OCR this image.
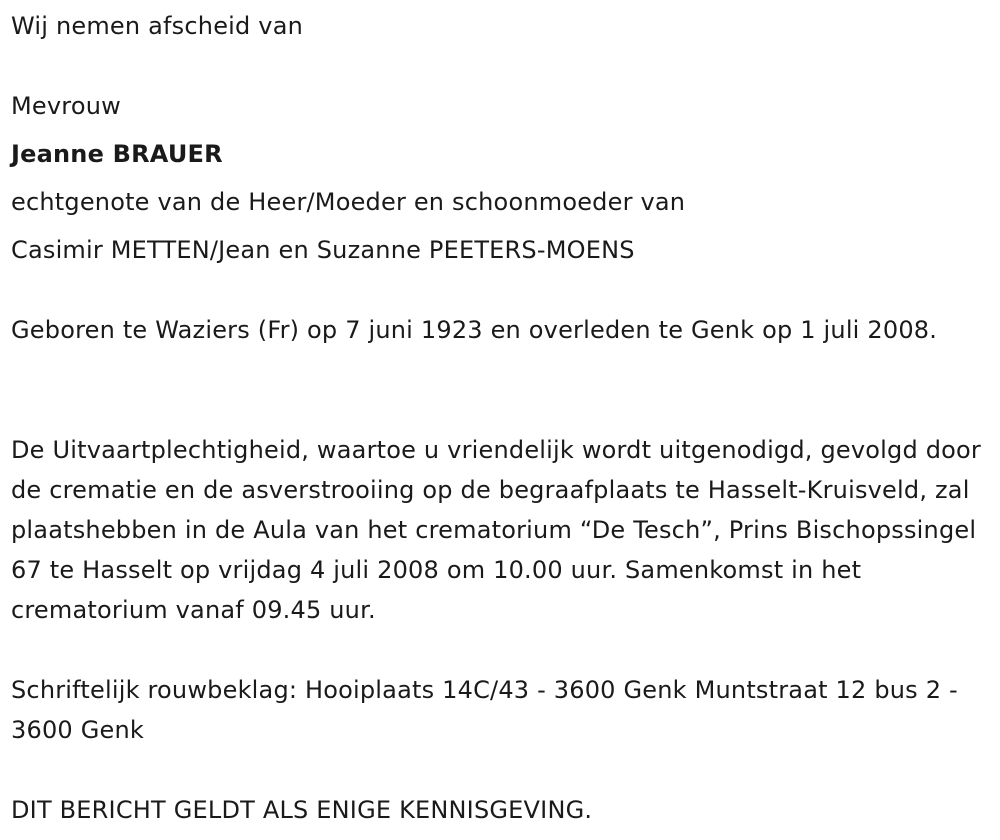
Wij nemen afscheid van

Mevrouw

Jeanne BRAUER

echtgenote van de Heer/Moeder en schoonmoeder van

Casimir METTEN/Jean en Suzanne PEETERS-MOENS

Geboren te Waziers (Fr) op 7 juni 1923 en overleden te Genk op 1 juli 2008.

De Uitvaartplechtigheid, waartoe u vriendelijk wordt uitgenodigd, gevolgd door de crematie en de asverstrooiing op de begraafplaats te Hasselt-Kruisveld, zal plaatshebben in de Aula van het crematorium “De Tesch”, Prins Bischopssingel 67 te Hasselt op vrijdag 4 juli 2008 om 10.00 uur. Samenkomst in het crematorium vanaf 09.45 uur.

Schriftelijk rouwbeklag: Hooiplaats 14C/43 - 3600 Genk Muntstraat 12 bus 2 - 3600 Genk

DIT BERICHT GELDT ALS ENIGE KENNISGEVING.
